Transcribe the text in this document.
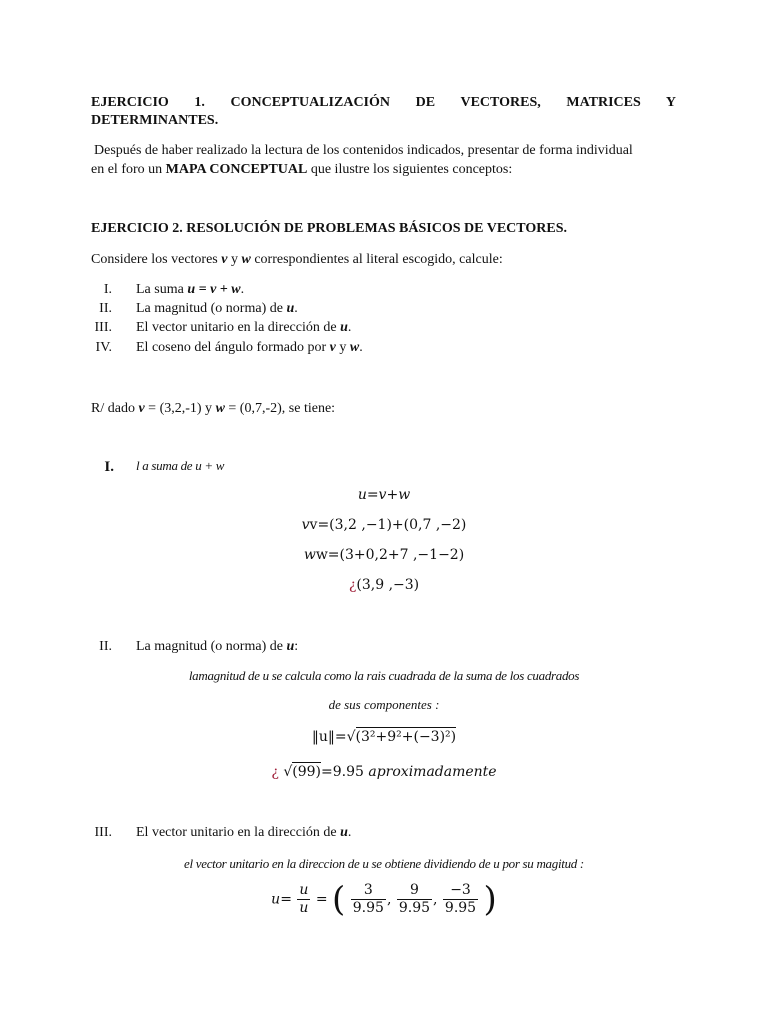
EJERCICIO 1. CONCEPTUALIZACIÓN DE VECTORES, MATRICES Y
DETERMINANTES.
Después de haber realizado la lectura de los contenidos indicados, presentar de forma individual
en el foro un MAPA CONCEPTUAL que ilustre los siguientes conceptos:
EJERCICIO 2. RESOLUCIÓN DE PROBLEMAS BÁSICOS DE VECTORES.
Considere los vectores v y w correspondientes al literal escogido, calcule:
I. La suma u = v + w.
II. La magnitud (o norma) de u.
III. El vector unitario en la dirección de u.
IV. El coseno del ángulo formado por v y w.
R/ dado v = (3,2,-1) y w = (0,7,-2), se tiene:
I. l a suma de u + w
u=v+w
vv=(3,2 ,−1)+(0,7 ,−2)
ww=(3+0,2+7 ,−1−2)
¿(3,9 ,−3)
II. La magnitud (o norma) de u:
lamagnitud de u se calcula como la rais cuadrada de la suma de los cuadrados
de sus componentes :
‖u‖=√(3²+9²+(−3)²)
¿ √(99)=9.95 aproximadamente
III. El vector unitario en la dirección de u.
el vector unitario en la direccion de u se obtiene dividiendo de u por su magitud :
$u= \frac{u}{u}$ = ( $\frac{3}{9.95}$ , $\frac{9}{9.95}$ , $\frac{-3}{9.95}$ )
